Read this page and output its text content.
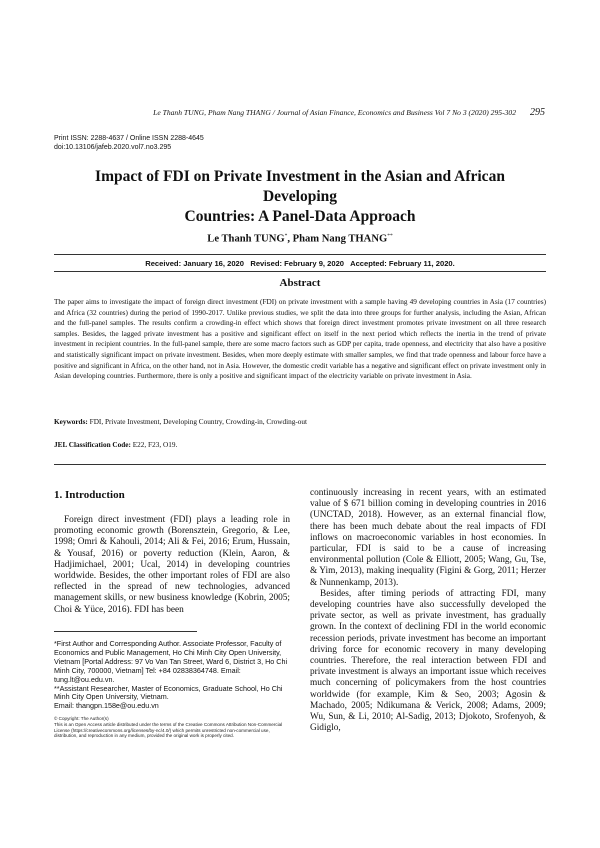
Le Thanh TUNG, Pham Nang THANG / Journal of Asian Finance, Economics and Business Vol 7 No 3 (2020) 295-302 295
Print ISSN: 2288-4637 / Online ISSN 2288-4645
doi:10.13106/jafeb.2020.vol7.no3.295
Impact of FDI on Private Investment in the Asian and African Developing
Countries: A Panel-Data Approach
Le Thanh TUNG*, Pham Nang THANG**
Received: January 16, 2020   Revised: February 9, 2020   Accepted: February 11, 2020.
Abstract
The paper aims to investigate the impact of foreign direct investment (FDI) on private investment with a sample having 49 developing countries in Asia (17 countries) and Africa (32 countries) during the period of 1990-2017. Unlike previous studies, we split the data into three groups for further analysis, including the Asian, African and the full-panel samples. The results confirm a crowding-in effect which shows that foreign direct investment promotes private investment on all three research samples. Besides, the lagged private investment has a positive and significant effect on itself in the next period which reflects the inertia in the trend of private investment in recipient countries. In the full-panel sample, there are some macro factors such as GDP per capita, trade openness, and electricity that also have a positive and statistically significant impact on private investment. Besides, when more deeply estimate with smaller samples, we find that trade openness and labour force have a positive and significant in Africa, on the other hand, not in Asia. However, the domestic credit variable has a negative and significant effect on private investment only in Asian developing countries. Furthermore, there is only a positive and significant impact of the electricity variable on private investment in Asia.
Keywords: FDI, Private Investment, Developing Country, Crowding-in, Crowding-out
JEL Classification Code: E22, F23, O19.
1. Introduction
Foreign direct investment (FDI) plays a leading role in promoting economic growth (Borensztein, Gregorio, & Lee, 1998; Omri & Kahouli, 2014; Ali & Fei, 2016; Erum, Hussain, & Yousaf, 2016) or poverty reduction (Klein, Aaron, & Hadjimichael, 2001; Ucal, 2014) in developing countries worldwide. Besides, the other important roles of FDI are also reflected in the spread of new technologies, advanced management skills, or new business knowledge (Kobrin, 2005; Choi & Yüce, 2016). FDI has been

continuously increasing in recent years, with an estimated value of $ 671 billion coming in developing countries in 2016 (UNCTAD, 2018). However, as an external financial flow, there has been much debate about the real impacts of FDI inflows on macroeconomic variables in host economies. In particular, FDI is said to be a cause of increasing environmental pollution (Cole & Elliott, 2005; Wang, Gu, Tse, & Yim, 2013), making inequality (Figini & Gorg, 2011; Herzer & Nunnenkamp, 2013).

Besides, after timing periods of attracting FDI, many developing countries have also successfully developed the private sector, as well as private investment, has gradually grown. In the context of declining FDI in the world economic recession periods, private investment has become an important driving force for economic recovery in many developing countries. Therefore, the real interaction between FDI and private investment is always an important issue which receives much concerning of policymakers from the host countries worldwide (for example, Kim & Seo, 2003; Agosin & Machado, 2005; Ndikumana & Verick, 2008; Adams, 2009; Wu, Sun, & Li, 2010; Al-Sadig, 2013; Djokoto, Srofenyoh, & Gidiglo,

*First Author and Corresponding Author. Associate Professor, Faculty of Economics and Public Management, Ho Chi Minh City Open University, Vietnam [Portal Address: 97 Vo Van Tan Street, Ward 6, District 3, Ho Chi Minh City, 700000, Vietnam] Tel: +84 02838364748. Email: tung.lt@ou.edu.vn.

**Assistant Researcher, Master of Economics, Graduate School, Ho Chi Minh City Open University, Vietnam.

Email: thangpn.158e@ou.edu.vn

© Copyright: The Author(s)

This is an Open Access article distributed under the terms of the Creative Commons Attribution Non-Commercial License (https://creativecommons.org/licenses/by-nc/4.0/) which permits unrestricted non-commercial use, distribution, and reproduction in any medium, provided the original work is properly cited.
